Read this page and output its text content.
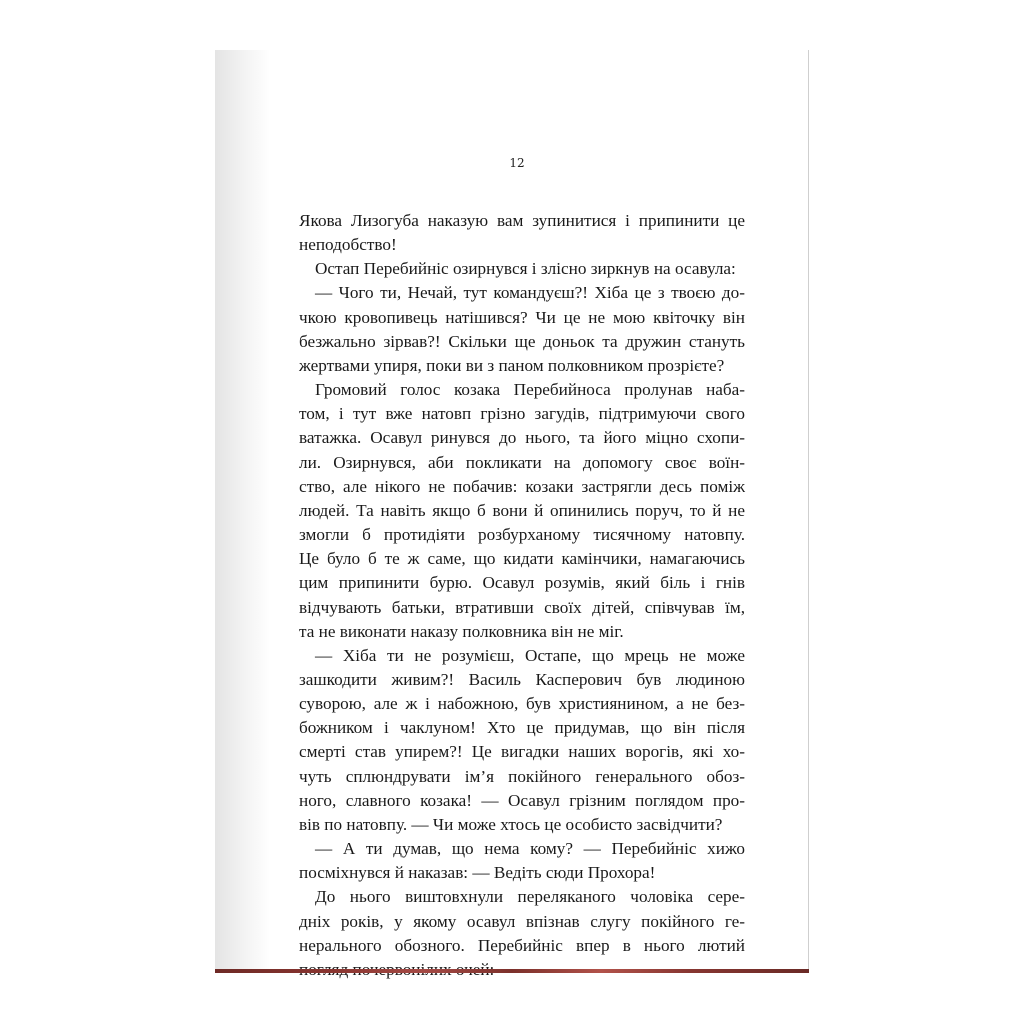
12
Якова Лизогуба наказую вам зупинитися і припинити це
неподобство!
Остап Перебийніс озирнувся і злісно зиркнув на осавула:
— Чого ти, Нечай, тут командуєш?! Хіба це з твоєю до-
чкою кровопивець натішився? Чи це не мою квіточку він
безжально зірвав?! Скільки ще доньок та дружин стануть
жертвами упиря, поки ви з паном полковником прозрієте?
Громовий голос козака Перебийноса пролунав наба-
том, і тут вже натовп грізно загудів, підтримуючи свого
ватажка. Осавул ринувся до нього, та його міцно схопи-
ли. Озирнувся, аби покликати на допомогу своє воїн-
ство, але нікого не побачив: козаки застрягли десь поміж
людей. Та навіть якщо б вони й опинились поруч, то й не
змогли б протидіяти розбурханому тисячному натовпу.
Це було б те ж саме, що кидати камінчики, намагаючись
цим припинити бурю. Осавул розумів, який біль і гнів
відчувають батьки, втративши своїх дітей, співчував їм,
та не виконати наказу полковника він не міг.
— Хіба ти не розумієш, Остапе, що мрець не може
зашкодити живим?! Василь Касперович був людиною
суворою, але ж і набожною, був християнином, а не без-
божником і чаклуном! Хто це придумав, що він після
смерті став упирем?! Це вигадки наших ворогів, які хо-
чуть сплюндрувати ім’я покійного генерального обоз-
ного, славного козака! — Осавул грізним поглядом про-
вів по натовпу. — Чи може хтось це особисто засвідчити?
— А ти думав, що нема кому? — Перебийніс хижо
посміхнувся й наказав: — Ведіть сюди Прохора!
До нього виштовхнули переляканого чоловіка сере-
дніх років, у якому осавул впізнав слугу покійного ге-
нерального обозного. Перебийніс впер в нього лютий
